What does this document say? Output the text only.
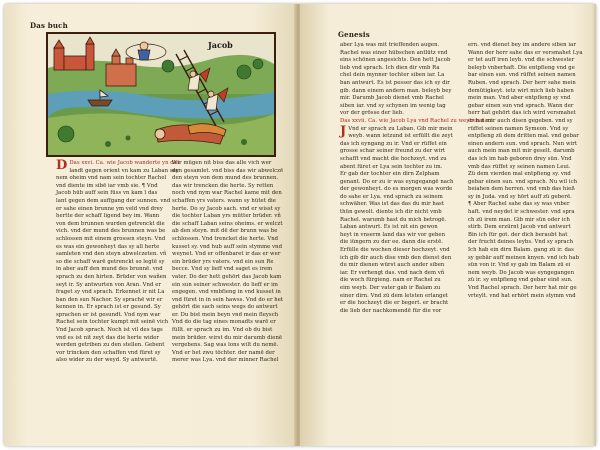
Das buch
Jacob

D Das xxvi. Ca. wie Jacob wanderte yn das

landt gegen orient vn kam zu Laban sey

nem oheim vnd nam sein tochter Rachel

vnd diente im sibē iar vmb sie. ¶ Vnd

Jacob hüb auff sein füss vn kam ī das

lant gegen dem auffgang der sunnen. vnd

er sahe einen brunne ym veld vnd drey

hertte der schaff ligend bey im. Wann

von dem brunnen wurden getrenckt die

vich. vnd der mund des brunnen was be

schlossen mit einem grossen steyn. Vnd

es was ein gewonheyt das sy all herte

samleten vnd den steyn abwelczeten. vñ

so die schaff warē getrenckt so legtē sy

in aber auff den mund des brunnē. vnd

sprach zu den hirten. Brüder von wañen

seyt ir. Sy antwurten von Aran. Vnd er

fraget sy vnd sprach. Erkennet ir nit La

ban den sun Nachor. Sy sprachē wir er

kennen in. Er sprach ist er gesund. Sy

sprachen er ist gesundt. Vnd nym war

Rachel sein tochter kumpt mit seinē vich

Vnd Jacob sprach. Noch ist vil des tags

vnd es ist nit zeyt das die herte wider

werden getriben zu den stellen. Gebent

vor trincken den schaffen vnd füret sy

also wider zu der weyd. Sy antwurtē.

Wir mügen nit biss das alle vich wer

den gesamlet. vnd biss das wir abwelczē

den steyn von dem mund des brunnen.

das wir trencken die herte. Sy retten

noch vnd nym war Rachel kame mit den

schaffen yrs vaters. wann sy hütet die

herte. Do sy Jacob sach. vnd er wisst sy

die tochter Laban yrs mütter brüder. vñ

die schaff Laban seins oheims. er welczt

ab den steyn. mit dē der brunn was be

schlossen. Vnd trencket die herte. Vnd

kusset sy. vnd hub auff sein stymme vnd

weynet. Vnd er offenbaret ir das er wer

ein brüder yrs vaters. vnd ein sun Re

becce. Vnd sy lieff vnd saget es irem

vater. Do der hett gehört das Jacob kam

ein sun seiner schwester. do lieff er im

engegen. vnd vmbfieng in vnd kusset in

vnd füret in in sein hawss. Vnd do er het

gehört die sach seins wegs do antwurt

er. Du bist mein beyn vnd mein fleysch

Vnd do die tag eines monadts warē er

füllt. er sprach zu im. Vnd ob du bist

mein brüder. wirst du mir darumb dienē

vergebens. Sag was lons wilt du nemē.

Vnd er het zwu töchter. der namē der

merer was Lya. vnd der minner Rachel

Genesis

aber Lya was mit trieffenden augen.

Rachel was einer hübschen antlütz vnd

eins schönen angesichts. Den hett Jacob

lieb vnd sprach. Ich dien dir vmb Ra

chel dein mynner tochter siben iar. La

ban antwurt. Es ist pesser das ich sy dir

gib. dann einem andern man. beleyb bey

mir. Darumb Jacob dienet vmb Rachel

siben iar. vnd sy schynen im wenig tag

vor der grösse der lieb.

Das xxvii. Ca. wie Jacob Lya vnd Rachel zu weyben nam

J Vnd er sprach zu Laban. Gib mir mein

weyb. wann ietzund ist erfüllt die zeyt

das ich eyngang zu ir. Vnd er rüffet ein

grosse schar seiner freund zu der wirt

schafft vnd macht die hochzeyt. vnd zu

abent füret er Lya sein tochter zu im.

Er gab der tochter ein dirn Zelpham

genant. Do er zu ir was eyngegangē nach

der gewonheyt. do es morgen was worde

do sahe er Lya. vnd sprach zu seinem

schwäher. Was ist das das du mir hast

thün gewolt. diente ich dir nicht vmb

Rachel. warumb hast du mich betrogē.

Laban antwurt. Es ist nit ein gewon

heyt in vnserm land das wir vor geben

die iüngern zu der ee. dann die erstē.

Erfülle die wochen dieser hochzeyt. vnd

ich gib dir auch dise vmb den dienst den

du mir dienen würst auch ander siben

iar. Er verhengt das. vnd nach dem vñ

die woch fürgieng. nam er Rachel zu

eim weyb. Der vater gab ir Balam zu

einer dirn. Vnd zü dem letsten erlanget

er die hochzeyt die er begert. er bracht

die lieb der nachkomendē für die vor

ern. vnd dienet bey im andere siben iar

Wann der herr sahe das er versmahet Lya

er tet auff iren leyb. vnd die schwester

beleyb vnberhaft. Die entpfieng vnd ge

bar einen sun. vnd rüffet seinen namen

Ruben. vnd sprach. Der herr sahe mein

demütigkeyt. ietz wirt mich lieb haben

mein man. Vnd aber entpfieng sy vnd

gebar einen sun vnd sprach. Wann der

herr hat gehört das ich wird versmahet

er hat mir auch disen gegeben. vnd sy

rüffet seinen namen Symeon. Vnd sy

entpfieng zü dem dritten mal. vnd gebar

einen andern sun. vnd sprach. Nun wirt

auch mein man mit mir geselt. darumb

das ich im hab geboren drey sün. Vnd

vmb das rüffet sy seinen namen Leui.

Zü dem vierden mal entpfieng sy. vnd

gebar einen sun. vnd sprach. Nu wil ich

beiahen dem herren. vnd vmb das hieß

sy in Juda. vnd sy hört auff zü geberē.

¶ Aber Rachel sahe das sy was vnber

haft. vnd neydet ir schwester. vnd spra

ch zü irem man. Gib mir sün oder ich

stirb. Dem erzürnt Jacob vnd antwurt

Bin ich für got. der dich beraubt hat

der frucht deines leybs. Vnd sy sprach

Ich hab ein dirn Balam. gang zü ir. das

sy gebär auff meinen knyen. vnd ich hab

sün von ir. Vnd sy gab im Balam zü ei

nem weyb. Do Jacob was eyngegangen

zü ir. sy entpfieng vnd gebar einē sun.

Vnd Rachel sprach. Der herr hat mir ge

vrteylt. vnd hat erhört mein stymm vnd
